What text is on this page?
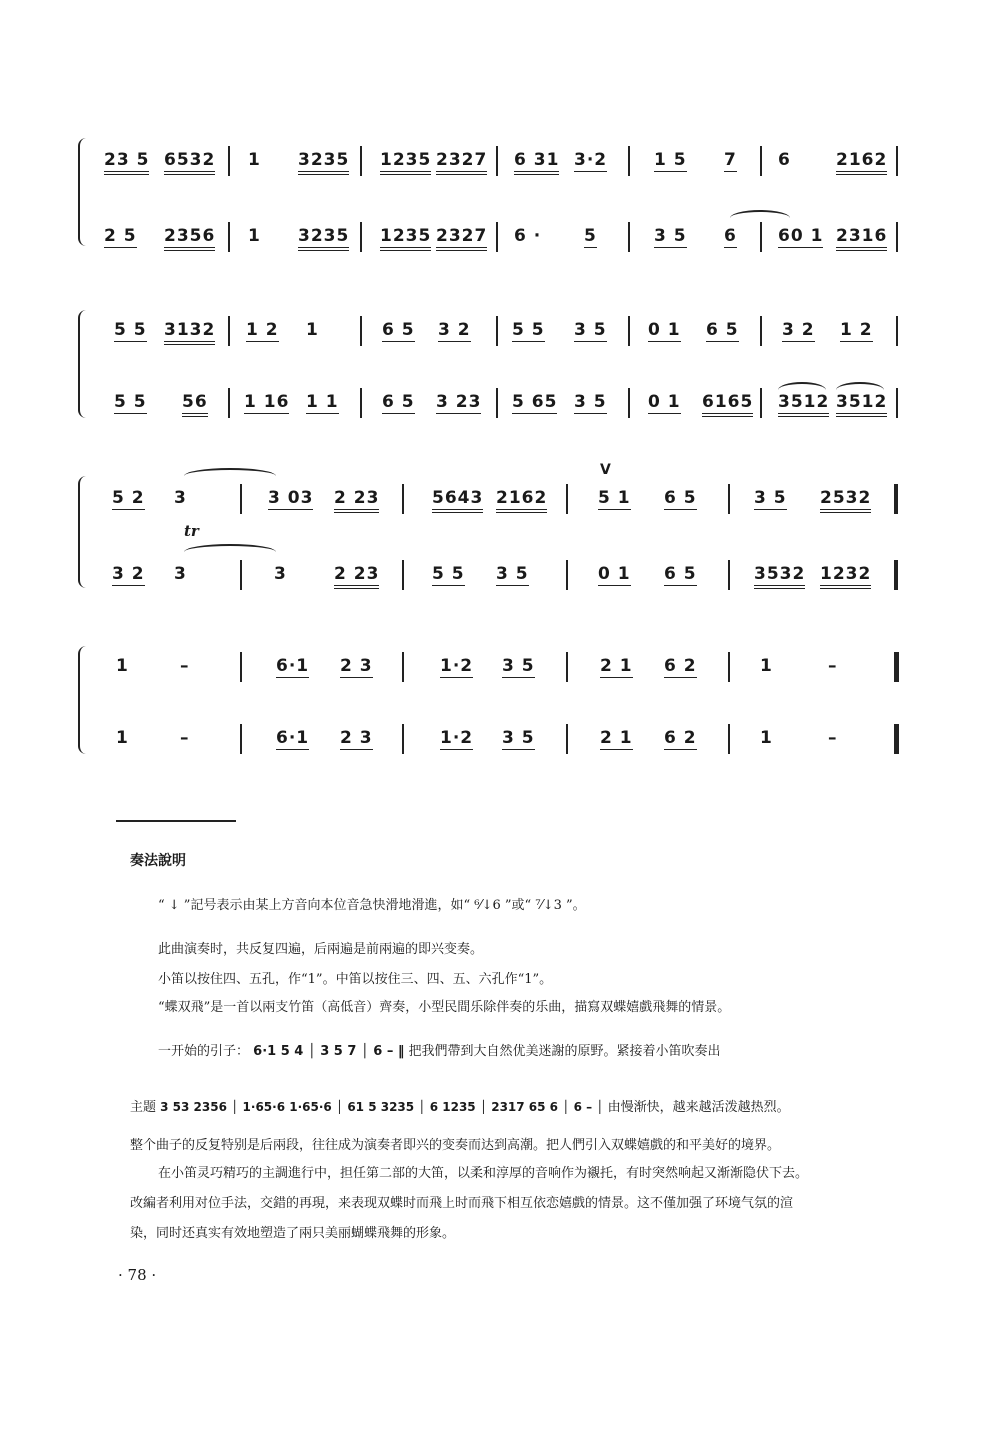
23 5 6532 1 3235 1235 2327 6 31 3·2	1 5 7 6	2162
2 5 2356 1 3235 1235 2327 6 ·	5	3 5 6 60 1 2316
5 5 3132 1 2 1	6 5 3 2 5 5 3 5 0 1 6 5	3 2 1 2
5 5 56 1 16 1 1	6 5 3 23 5 65 3 5 0 1 6165 3512 3512
5 2 3	3 03 2 23	5643 2162
V
5 1 6 5	3 5 2532
tr
3 2 3	3	2 23	5 5 3 5	0 1 6 5	3532 1232
1	–	6·1 2 3	1·2 3 5	2 1 6 2	1	–
1	–	6·1 2 3	1·2 3 5	2 1 6 2	1	–
奏法說明
“ ↓ ”記号表示由某上方音向本位音急快滑地滑進，如“ ⁶⁄↓6 ”或“ ⁷⁄↓3 ”。
此曲演奏时，共反复四遍，后兩遍是前兩遍的即兴变奏。
小笛以按住四、五孔，作“1”。中笛以按住三、四、五、六孔作“1”。
“蝶双飛”是一首以兩支竹笛（高低音）齊奏，小型民間乐除伴奏的乐曲，描寫双蝶嬉戲飛舞的情景。
一开始的引子： 6·1 5 4 │ 3 5 7 │ 6 – ‖ 把我們帶到大自然优美迷謝的原野。紧接着小笛吹奏出
主题 3 53 2356 │ 1·65·6 1·65·6 │ 61 5 3235 │ 6 1235 │ 2317 65 6 │ 6 – │ 由慢渐快，越来越活泼越热烈。
整个曲子的反复特别是后兩段，往往成为演奏者即兴的变奏而达到高潮。把人們引入双蝶嬉戲的和平美好的境界。
在小笛灵巧精巧的主調進行中，担任第二部的大笛，以柔和淳厚的音响作为襯托，有时突然响起又渐渐隐伏下去。
改編者利用对位手法，交錯的再現，来表现双蝶时而飛上时而飛下相互依恋嬉戲的情景。这不僅加强了环境气氛的渲
染，同时还真实有效地塑造了兩只美丽蝴蝶飛舞的形象。
· 78 ·
